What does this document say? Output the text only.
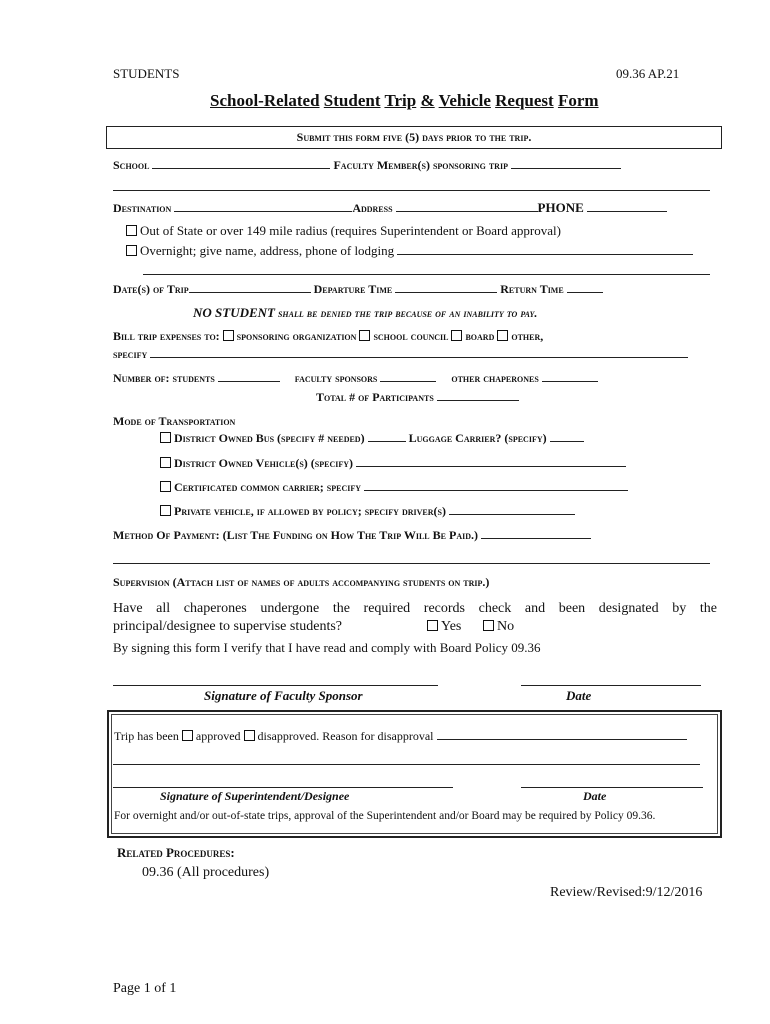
STUDENTS	09.36 AP.21
School-Related Student Trip & Vehicle Request Form
Submit this form five (5) days prior to the trip.
School	Faculty Member(s) sponsoring trip
Destination	Address	PHONE
Out of State or over 149 mile radius (requires Superintendent or Board approval)
Overnight; give name, address, phone of lodging
Date(s) of Trip	Departure Time	Return Time
NO STUDENT shall be denied the trip because of an inability to pay.
Bill trip expenses to: sponsoring organization school council board other,
specify
Number of: students	faculty sponsors	other chaperones
Total # of Participants
Mode of Transportation
District Owned Bus (specify # needed)	Luggage Carrier? (specify)
District Owned Vehicle(s) (specify)
Certificated common carrier; specify
Private vehicle, if allowed by policy; specify driver(s)
Method Of Payment: (List The Funding on How The Trip Will Be Paid.)
Supervision (Attach list of names of adults accompanying students on trip.)
Have all chaperones undergone the required records check and been designated by the
principal/designee to supervise students?	Yes	No
By signing this form I verify that I have read and comply with Board Policy 09.36
Signature of Faculty Sponsor	Date
Trip has been approved disapproved. Reason for disapproval
Signature of Superintendent/Designee	Date
For overnight and/or out-of-state trips, approval of the Superintendent and/or Board may be required by Policy 09.36.
Related Procedures:
09.36 (All procedures)
Review/Revised:9/12/2016
Page 1 of 1
